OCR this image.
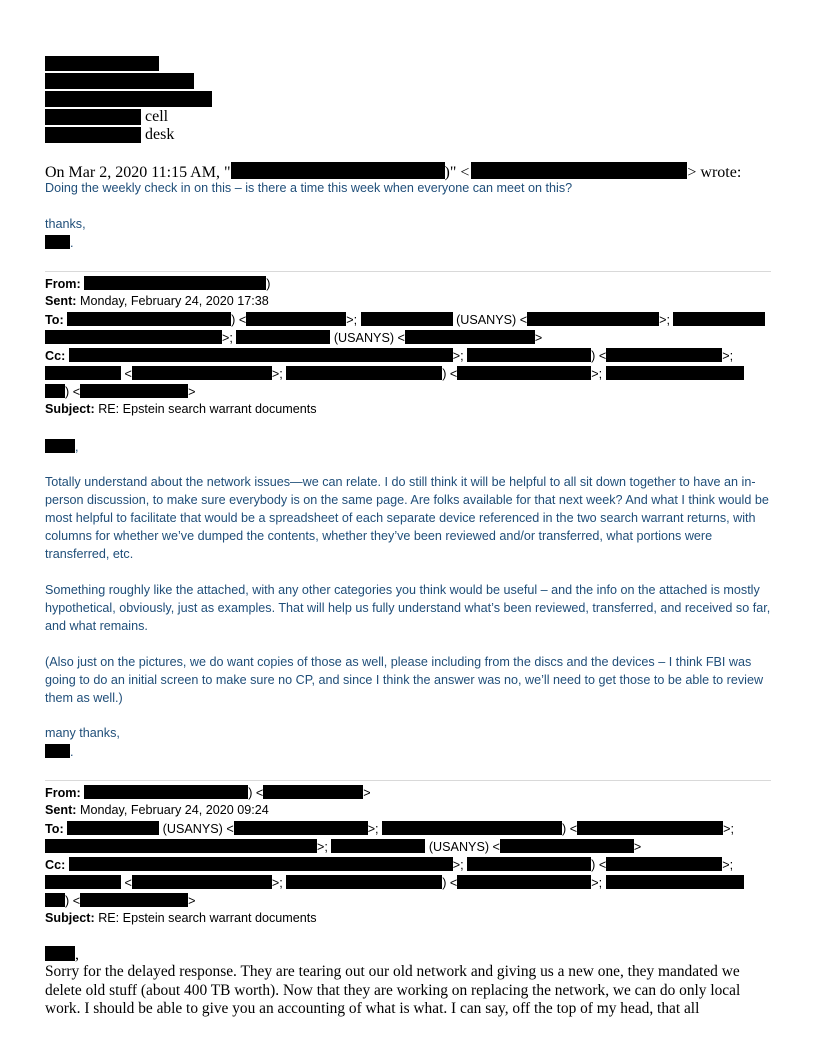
cell
desk
On Mar 2, 2020 11:15 AM, "	)" <	> wrote:
Doing the weekly check in on this – is there a time this week when everyone can meet on this?
thanks,
.
From:	)
Sent: Monday, February 24, 2020 17:38
To:	) <	>;	(USANYS) <	>;
>;	(USANYS) <	>
Cc:	>;	) <	>;
<	>;	) <	>;
) <	>
Subject: RE: Epstein search warrant documents
,
Totally understand about the network issues—we can relate. I do still think it will be helpful to all sit down together to have an in-person discussion, to make sure everybody is on the same page. Are folks available for that next week? And what I think would be most helpful to facilitate that would be a spreadsheet of each separate device referenced in the two search warrant returns, with columns for whether we’ve dumped the contents, whether they’ve been reviewed and/or transferred, what portions were transferred, etc.
Something roughly like the attached, with any other categories you think would be useful – and the info on the attached is mostly hypothetical, obviously, just as examples. That will help us fully understand what’s been reviewed, transferred, and received so far, and what remains.
(Also just on the pictures, we do want copies of those as well, please including from the discs and the devices – I think FBI was going to do an initial screen to make sure no CP, and since I think the answer was no, we’ll need to get those to be able to review them as well.)
many thanks,
.
From:	) <	>
Sent: Monday, February 24, 2020 09:24
To:	(USANYS) <	>;	) <	>;
>;	(USANYS) <	>
Cc:	>;	) <	>;
<	>;	) <	>;
) <	>
Subject: RE: Epstein search warrant documents
,
Sorry for the delayed response. They are tearing out our old network and giving us a new one, they mandated we delete old stuff (about 400 TB worth). Now that they are working on replacing the network, we can do only local work. I should be able to give you an accounting of what is what. I can say, off the top of my head, that all
